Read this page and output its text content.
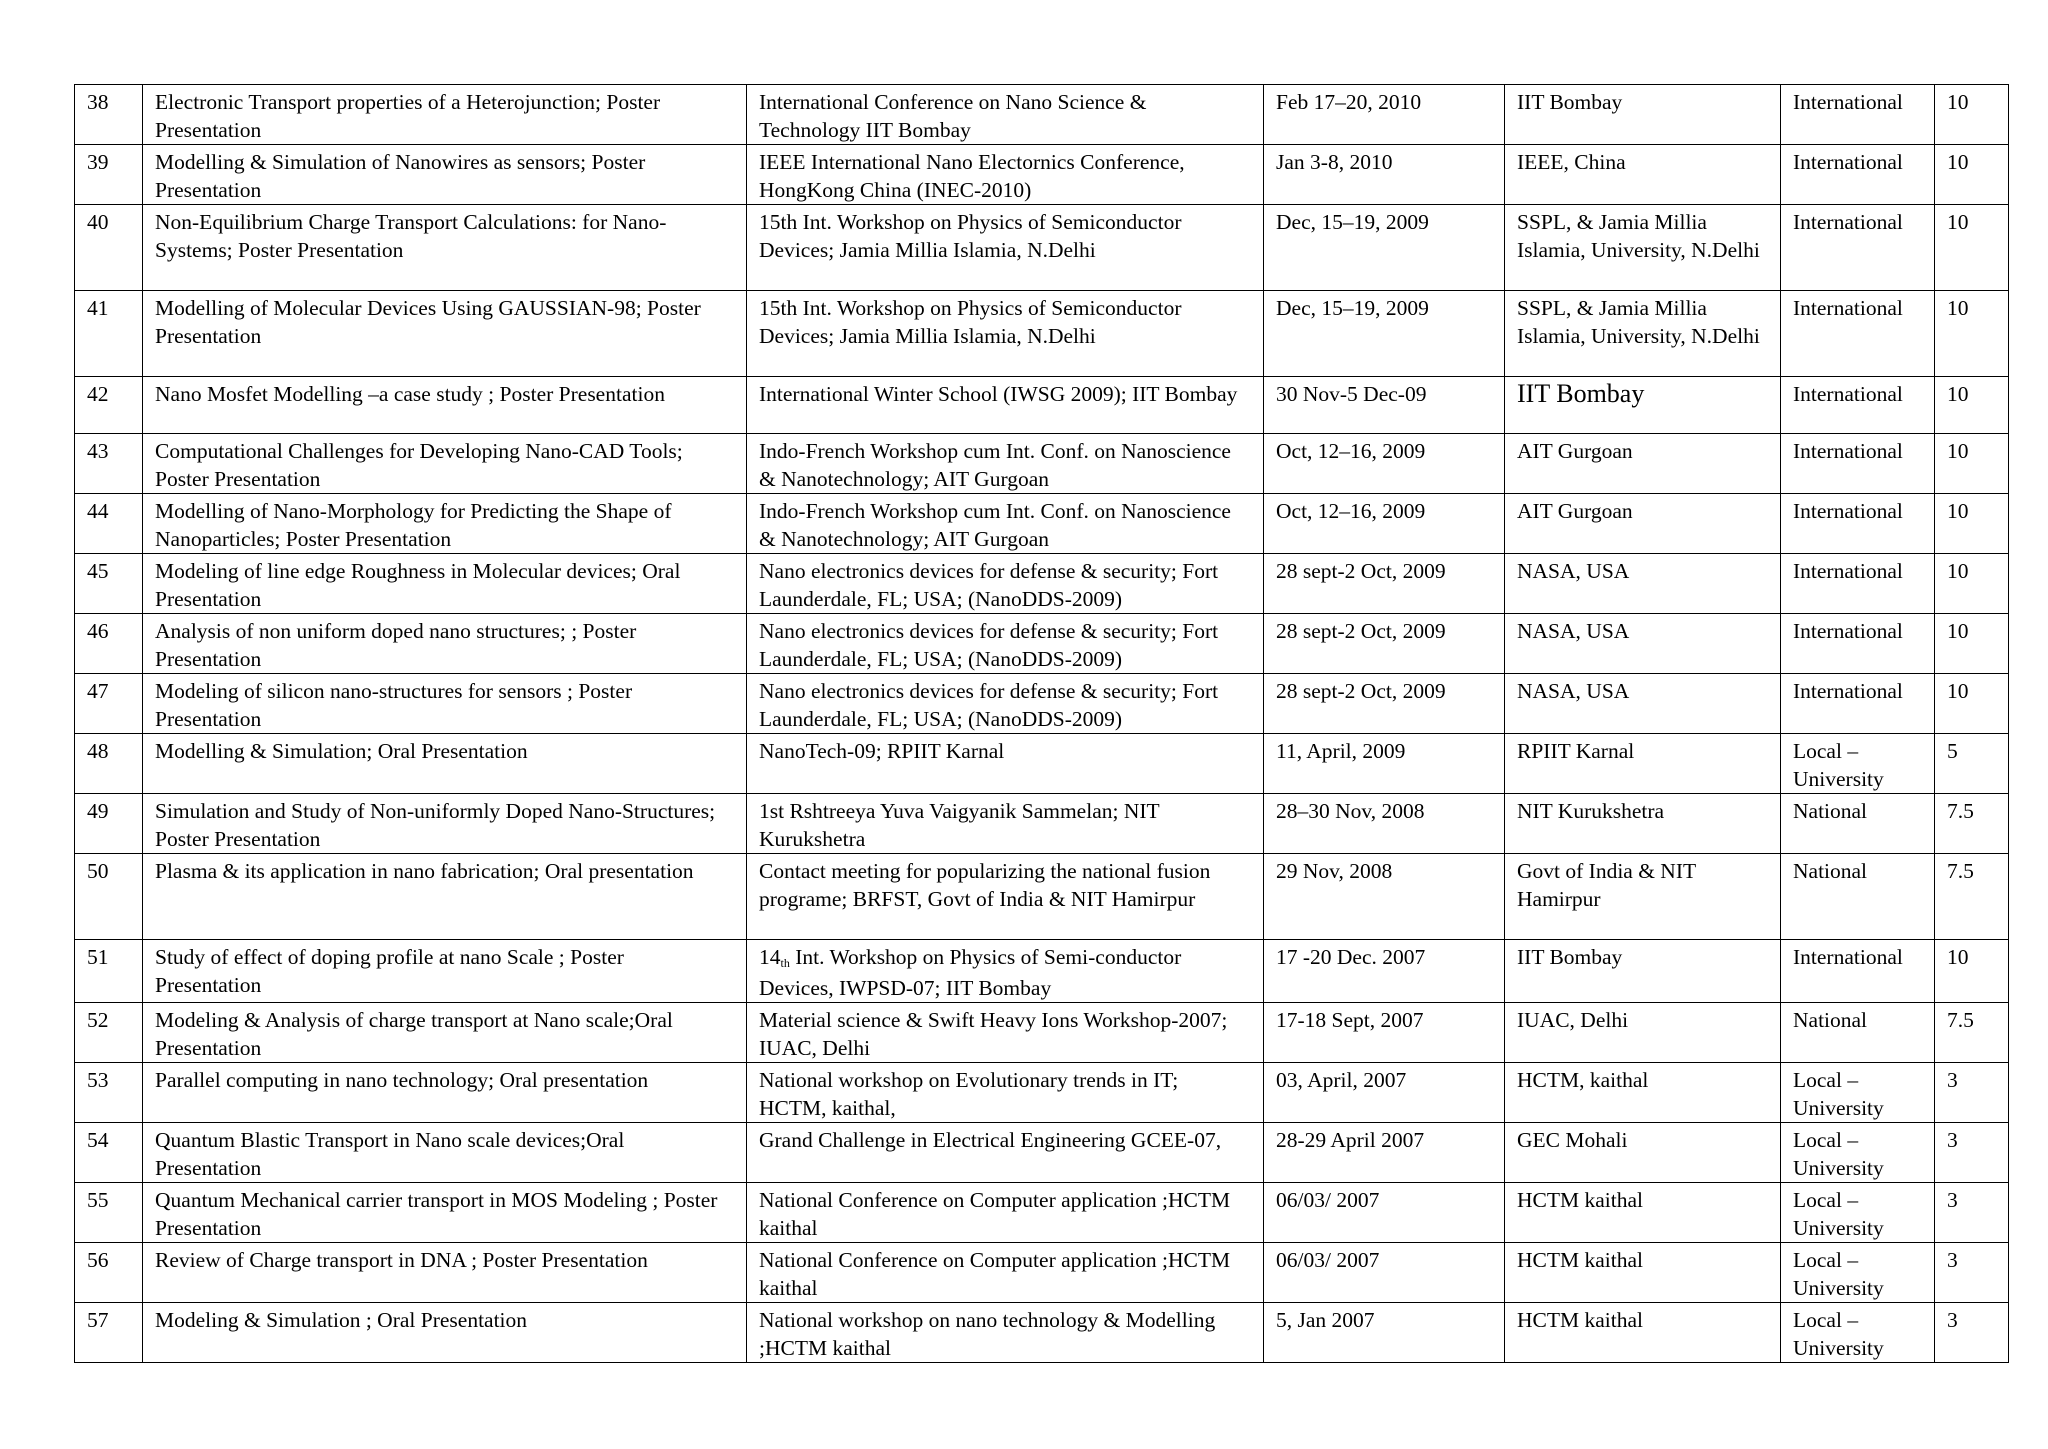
38	Electronic Transport properties of a Heterojunction; Poster Presentation	International Conference on Nano Science & Technology IIT Bombay	Feb 17–20, 2010	IIT Bombay	International	10
39	Modelling & Simulation of Nanowires as sensors; Poster Presentation	IEEE International Nano Electornics Conference, HongKong China (INEC-2010)	Jan 3-8, 2010	IEEE, China	International	10
40	Non-Equilibrium Charge Transport Calculations: for Nano-Systems; Poster Presentation	15th Int. Workshop on Physics of Semiconductor Devices; Jamia Millia Islamia, N.Delhi	Dec, 15–19, 2009	SSPL, & Jamia Millia Islamia, University, N.Delhi	International	10
41	Modelling of Molecular Devices Using GAUSSIAN-98; Poster Presentation	15th Int. Workshop on Physics of Semiconductor Devices; Jamia Millia Islamia, N.Delhi	Dec, 15–19, 2009	SSPL, & Jamia Millia Islamia, University, N.Delhi	International	10
42	Nano Mosfet Modelling –a case study ; Poster Presentation	International Winter School (IWSG 2009); IIT Bombay	30 Nov-5 Dec-09	IIT Bombay	International	10
43	Computational Challenges for Developing Nano-CAD Tools; Poster Presentation	Indo-French Workshop cum Int. Conf. on Nanoscience & Nanotechnology; AIT Gurgoan	Oct, 12–16, 2009	AIT Gurgoan	International	10
44	Modelling of Nano-Morphology for Predicting the Shape of Nanoparticles; Poster Presentation	Indo-French Workshop cum Int. Conf. on Nanoscience & Nanotechnology; AIT Gurgoan	Oct, 12–16, 2009	AIT Gurgoan	International	10
45	Modeling of line edge Roughness in Molecular devices; Oral Presentation	Nano electronics devices for defense & security; Fort Launderdale, FL; USA; (NanoDDS-2009)	28 sept-2 Oct, 2009	NASA, USA	International	10
46	Analysis of non uniform doped nano structures; ; Poster Presentation	Nano electronics devices for defense & security; Fort Launderdale, FL; USA; (NanoDDS-2009)	28 sept-2 Oct, 2009	NASA, USA	International	10
47	Modeling of silicon nano-structures for sensors ; Poster Presentation	Nano electronics devices for defense & security; Fort Launderdale, FL; USA; (NanoDDS-2009)	28 sept-2 Oct, 2009	NASA, USA	International	10
48	Modelling & Simulation; Oral Presentation	NanoTech-09; RPIIT Karnal	11, April, 2009	RPIIT Karnal	Local – University	5
49	Simulation and Study of Non-uniformly Doped Nano-Structures; Poster Presentation	1st Rshtreeya Yuva Vaigyanik Sammelan; NIT Kurukshetra	28–30 Nov, 2008	NIT Kurukshetra	National	7.5
50	Plasma & its application in nano fabrication; Oral presentation	Contact meeting for popularizing the national fusion programe; BRFST, Govt of India & NIT Hamirpur	29 Nov, 2008	Govt of India & NIT Hamirpur	National	7.5
51	Study of effect of doping profile at nano Scale ; Poster Presentation	$14_{th}$ Int. Workshop on Physics of Semi-conductor Devices, IWPSD-07; IIT Bombay	17 -20 Dec. 2007	IIT Bombay	International	10
52	Modeling & Analysis of charge transport at Nano scale;Oral Presentation	Material science & Swift Heavy Ions Workshop-2007; IUAC, Delhi	17-18 Sept, 2007	IUAC, Delhi	National	7.5
53	Parallel computing in nano technology; Oral presentation	National workshop on Evolutionary trends in IT; HCTM, kaithal,	03, April, 2007	HCTM, kaithal	Local – University	3
54	Quantum Blastic Transport in Nano scale devices;Oral Presentation	Grand Challenge in Electrical Engineering GCEE-07,	28-29 April 2007	GEC Mohali	Local – University	3
55	Quantum Mechanical carrier transport in MOS Modeling ; Poster Presentation	National Conference on Computer application ;HCTM kaithal	06/03/ 2007	HCTM kaithal	Local – University	3
56	Review of Charge transport in DNA ; Poster Presentation	National Conference on Computer application ;HCTM kaithal	06/03/ 2007	HCTM kaithal	Local – University	3
57	Modeling & Simulation ; Oral Presentation	National workshop on nano technology & Modelling ;HCTM kaithal	5, Jan 2007	HCTM kaithal	Local – University	3
